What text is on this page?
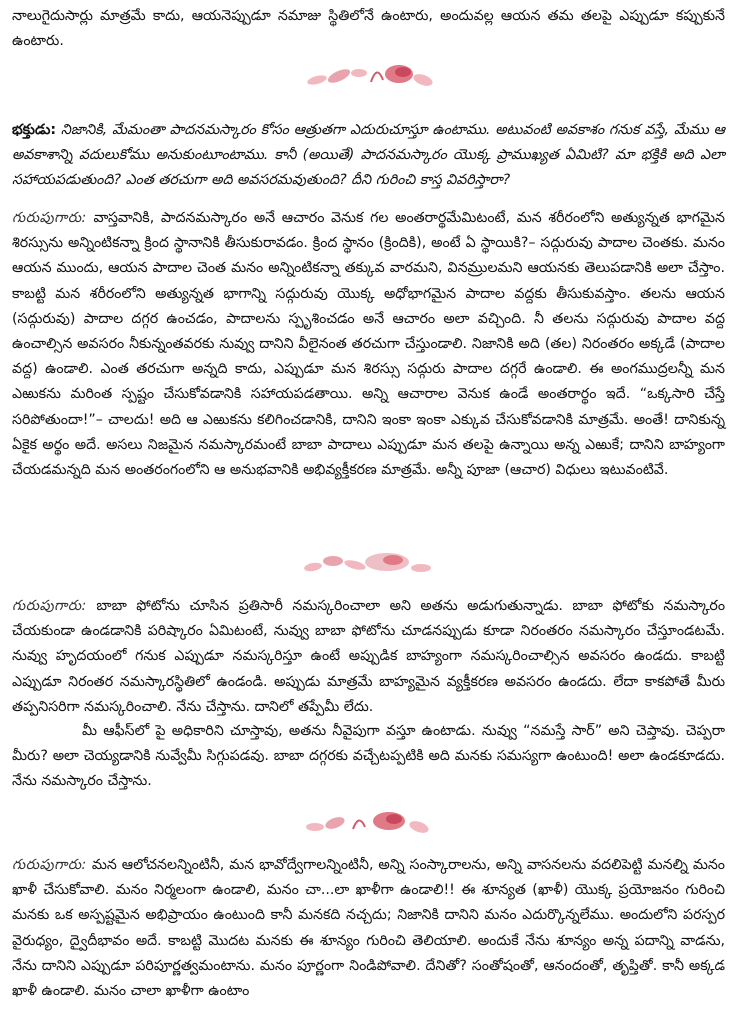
నాలుగైదుసార్లు మాత్రమే కాదు, ఆయనెప్పుడూ నమాజు స్థితిలోనే ఉంటారు, అందువల్ల ఆయన తమ తలపై ఎప్పుడూ కప్పుకునే ఉంటారు.

భక్తుడు: నిజానికి, మేమంతా పాదనమస్కారం కోసం ఆత్రుతగా ఎదురుచూస్తూ ఉంటాము. అటువంటి అవకాశం గనుక వస్తే, మేము ఆ అవకాశాన్ని వదులుకోము అనుకుంటూంటాము. కానీ (అయితే) పాదనమస్కారం యొక్క ప్రాముఖ్యత ఏమిటి? మా భక్తికి అది ఎలా సహాయపడుతుంది? ఎంత తరచుగా అది అవసరమవుతుంది? దీని గురించి కాస్త వివరిస్తారా?

గురుపుగారు: వాస్తవానికి, పాదనమస్కారం అనే ఆచారం వెనుక గల అంతరార్థమేమిటంటే, మన శరీరంలోని అత్యున్నత భాగమైన శిరస్సును అన్నింటికన్నా క్రింద స్థానానికి తీసుకురావడం. క్రింద స్థానం (క్రిందికి), అంటే ఏ స్థాయికి?– సద్గురువు పాదాల చెంతకు. మనం ఆయన ముందు, ఆయన పాదాల చెంత మనం అన్నింటికన్నా తక్కువ వారమని, వినమ్రులమని ఆయనకు తెలుపడానికి అలా చేస్తాం. కాబట్టి మన శరీరంలోని అత్యున్నత భాగాన్ని సద్గురువు యొక్క అధోభాగమైన పాదాల వద్దకు తీసుకువస్తాం. తలను ఆయన (సద్గురువు) పాదాల దగ్గర ఉంచడం, పాదాలను స్పృశించడం అనే ఆచారం అలా వచ్చింది. నీ తలను సద్గురువు పాదాల వద్ద ఉంచాల్సిన అవసరం నీకున్నంతవరకు నువ్వు దానిని వీలైనంత తరచుగా చేస్తుండాలి. నిజానికి అది (తల) నిరంతరం అక్కడే (పాదాల వద్ద) ఉండాలి. ఎంత తరచుగా అన్నది కాదు, ఎప్పుడూ మన శిరస్సు సద్గురు పాదాల దగ్గరే ఉండాలి. ఈ అంగముద్రలన్నీ మన ఎఱుకను మరింత స్పష్టం చేసుకోవడానికి సహాయపడతాయి. అన్ని ఆచారాల వెనుక ఉండే అంతరార్థం ఇదే. “ఒక్కసారి చేస్తే సరిపోతుందా!”– చాలదు! అది ఆ ఎఱుకను కలిగించడానికి, దానిని ఇంకా ఇంకా ఎక్కువ చేసుకోవడానికి మాత్రమే. అంతే! దానికున్న ఏకైక అర్థం అదే. అసలు నిజమైన నమస్కారమంటే బాబా పాదాలు ఎప్పుడూ మన తలపై ఉన్నాయి అన్న ఎఱుకే; దానిని బాహ్యంగా చేయడమన్నది మన అంతరంగంలోని ఆ అనుభవానికి అభివ్యక్తీకరణ మాత్రమే. అన్నీ పూజా (ఆచార) విధులు ఇటువంటివే.

గురుపుగారు: బాబా ఫోటోను చూసిన ప్రతిసారీ నమస్కరించాలా అని అతను అడుగుతున్నాడు. బాబా ఫోటోకు నమస్కారం చేయకుండా ఉండడానికి పరిష్కారం ఏమిటంటే, నువ్వు బాబా ఫోటోను చూడనప్పుడు కూడా నిరంతరం నమస్కారం చేస్తూండటమే. నువ్వు హృదయంలో గనుక ఎప్పుడూ నమస్కరిస్తూ ఉంటే అప్పుడిక బాహ్యంగా నమస్కరించాల్సిన అవసరం ఉండదు. కాబట్టి ఎప్పుడూ నిరంతర నమస్కారస్థితిలో ఉండండి. అప్పుడు మాత్రమే బాహ్యమైన వ్యక్తీకరణ అవసరం ఉండదు. లేదా కాకపోతే మీరు తప్పనిసరిగా నమస్కరించాలి. నేను చేస్తాను. దానిలో తప్పేమీ లేదు.

మీ ఆఫీస్‌లో పై అధికారిని చూస్తావు, అతను నీవైపుగా వస్తూ ఉంటాడు. నువ్వు “నమస్తే సార్” అని చెప్తావు. చెప్పరా మీరు? అలా చెయ్యడానికి నువ్వేమీ సిగ్గుపడవు. బాబా దగ్గరకు వచ్చేటప్పటికి అది మనకు సమస్యగా ఉంటుంది! అలా ఉండకూడదు. నేను నమస్కారం చేస్తాను.

గురుపుగారు: మన ఆలోచనలన్నింటినీ, మన భావోద్వేగాలన్నింటినీ, అన్ని సంస్కారాలను, అన్ని వాసనలను వదలిపెట్టి మనల్ని మనం ఖాళీ చేసుకోవాలి. మనం నిర్మలంగా ఉండాలి, మనం చా...లా ఖాళీగా ఉండాలి!! ఈ శూన్యత (ఖాళీ) యొక్క ప్రయోజనం గురించి మనకు ఒక అస్పష్టమైన అభిప్రాయం ఉంటుంది కానీ మనకది నచ్చదు; నిజానికి దానిని మనం ఎదుర్కొన్నలేము. అందులోని పరస్పర వైరుధ్యం, ద్వైదీభావం అదే. కాబట్టి మొదట మనకు ఈ శూన్యం గురించి తెలియాలి. అందుకే నేను శూన్యం అన్న పదాన్ని వాడను, నేను దానిని ఎప్పుడూ పరిపూర్ణత్వమంటాను. మనం పూర్ణంగా నిండిపోవాలి. దేనితో? సంతోషంతో, ఆనందంతో, తృప్తితో. కానీ అక్కడ ఖాళీ ఉండాలి. మనం చాలా ఖాళీగా ఉంటాం
